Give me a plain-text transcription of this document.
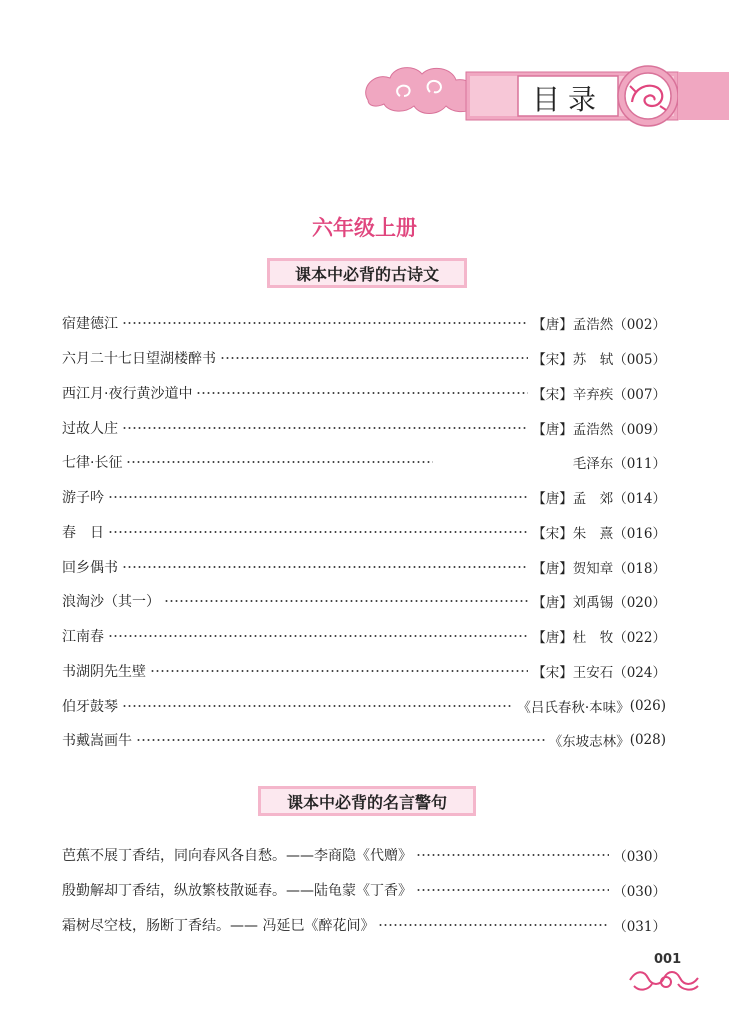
目录
六年级上册
课本中必背的古诗文
宿建德江	【唐】孟浩然 （002）
六月二十七日望湖楼醉书	【宋】苏　轼 （005）
西江月·夜行黄沙道中	【宋】辛弃疾 （007）
过故人庄	【唐】孟浩然 （009）
七律·长征	毛泽东 （011）
游子吟	【唐】孟　郊 （014）
春　日	【宋】朱　熹 （016）
回乡偶书	【唐】贺知章 （018）
浪淘沙（其一）	【唐】刘禹锡 （020）
江南春	【唐】杜　牧 （022）
书湖阴先生壁	【宋】王安石 （024）
伯牙鼓琴	《吕氏春秋·本味》 (026)
书戴嵩画牛	《东坡志林》 (028)
课本中必背的名言警句
芭蕉不展丁香结，同向春风各自愁。——李商隐《代赠》	（030）
殷勤解却丁香结，纵放繁枝散诞春。——陆龟蒙《丁香》	（030）
霜树尽空枝，肠断丁香结。—— 冯延巳《醉花间》	（031）
001
